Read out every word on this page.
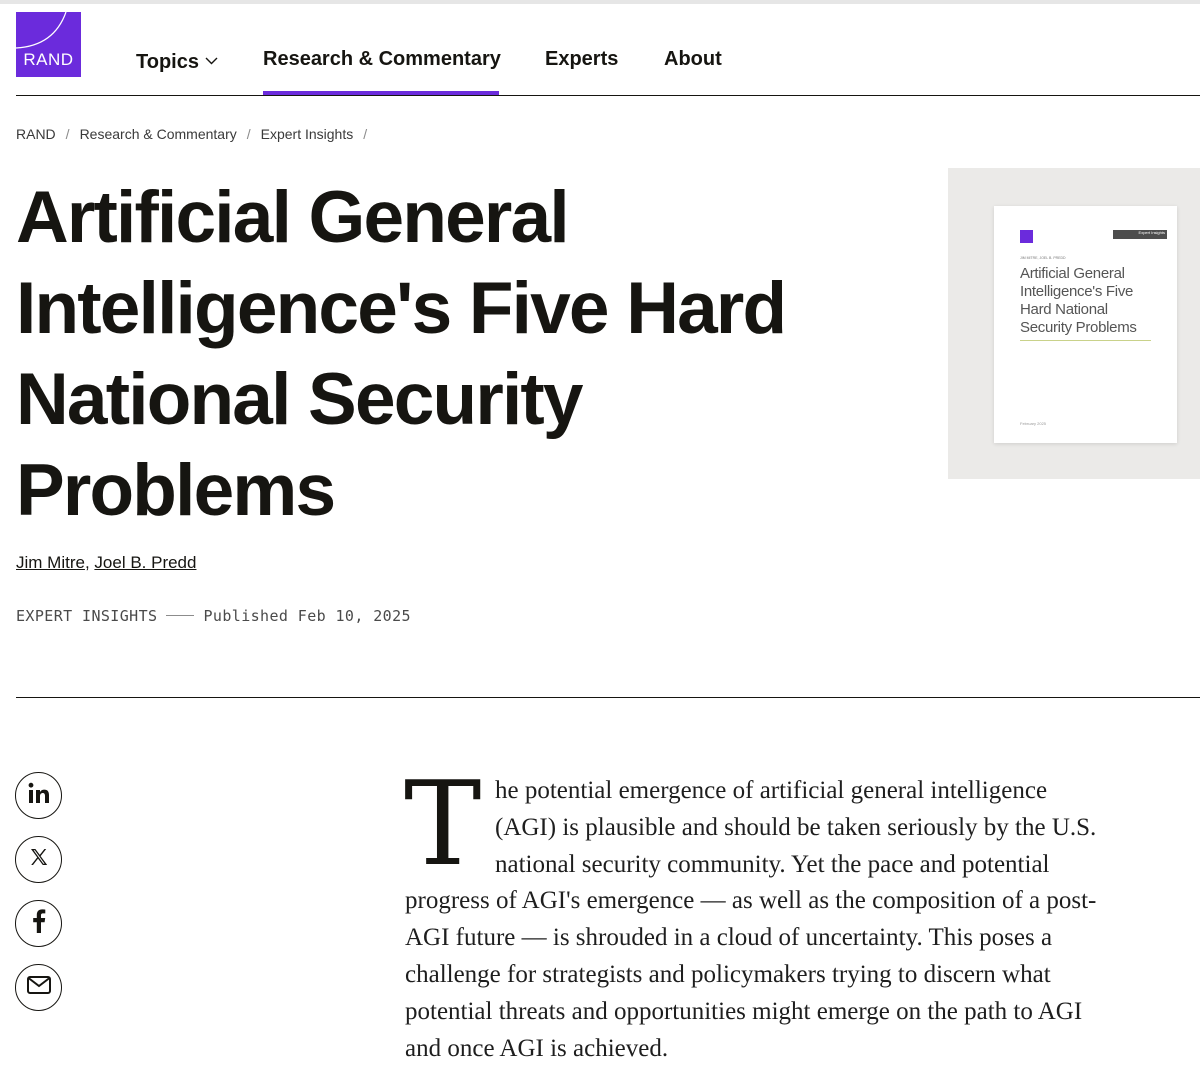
RAND	Topics	Research & Commentary Experts About
RAND / Research & Commentary / Expert Insights /
Artificial General Intelligence's Five Hard National Security Problems
Expert Insights
JIM MITRE, JOEL B. PREDD
Artificial General Intelligence's Five Hard National Security Problems
February 2025
Jim Mitre, Joel B. Predd
EXPERT INSIGHTS	Published Feb 10, 2025
T he potential emergence of artificial general intelligence
(AGI) is plausible and should be taken seriously by the U.S.
national security community. Yet the pace and potential
progress of AGI's emergence — as well as the composition of a post-
AGI future — is shrouded in a cloud of uncertainty. This poses a
challenge for strategists and policymakers trying to discern what
potential threats and opportunities might emerge on the path to AGI
and once AGI is achieved.
